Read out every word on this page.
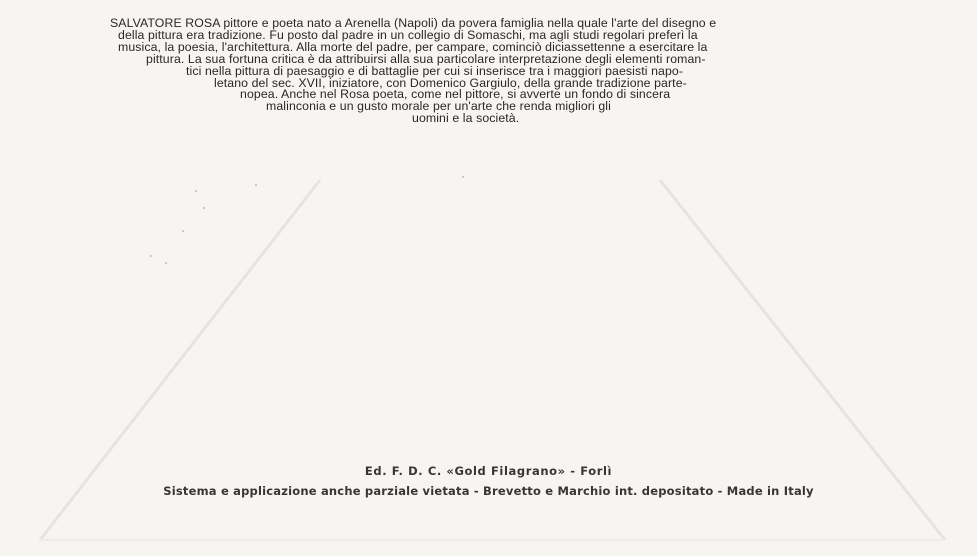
SALVATORE ROSA pittore e poeta nato a Arenella (Napoli) da povera famiglia nella quale l'arte del disegno e
della pittura era tradizione. Fu posto dal padre in un collegio di Somaschi, ma agli studi regolari preferì la
musica, la poesia, l'architettura. Alla morte del padre, per campare, cominciò diciassettenne a esercitare la
pittura. La sua fortuna critica è da attribuirsi alla sua particolare interpretazione degli elementi roman-
tici nella pittura di paesaggio e di battaglie per cui si inserisce tra i maggiori paesisti napo-
letano del sec. XVII, iniziatore, con Domenico Gargiulo, della grande tradizione parte-
nopea. Anche nel Rosa poeta, come nel pittore, si avverte un fondo di sincera
malinconia e un gusto morale per un'arte che renda migliori gli
uomini e la società.
Ed. F. D. C. «Gold Filagrano» - Forlì
Sistema e applicazione anche parziale vietata - Brevetto e Marchio int. depositato - Made in Italy
